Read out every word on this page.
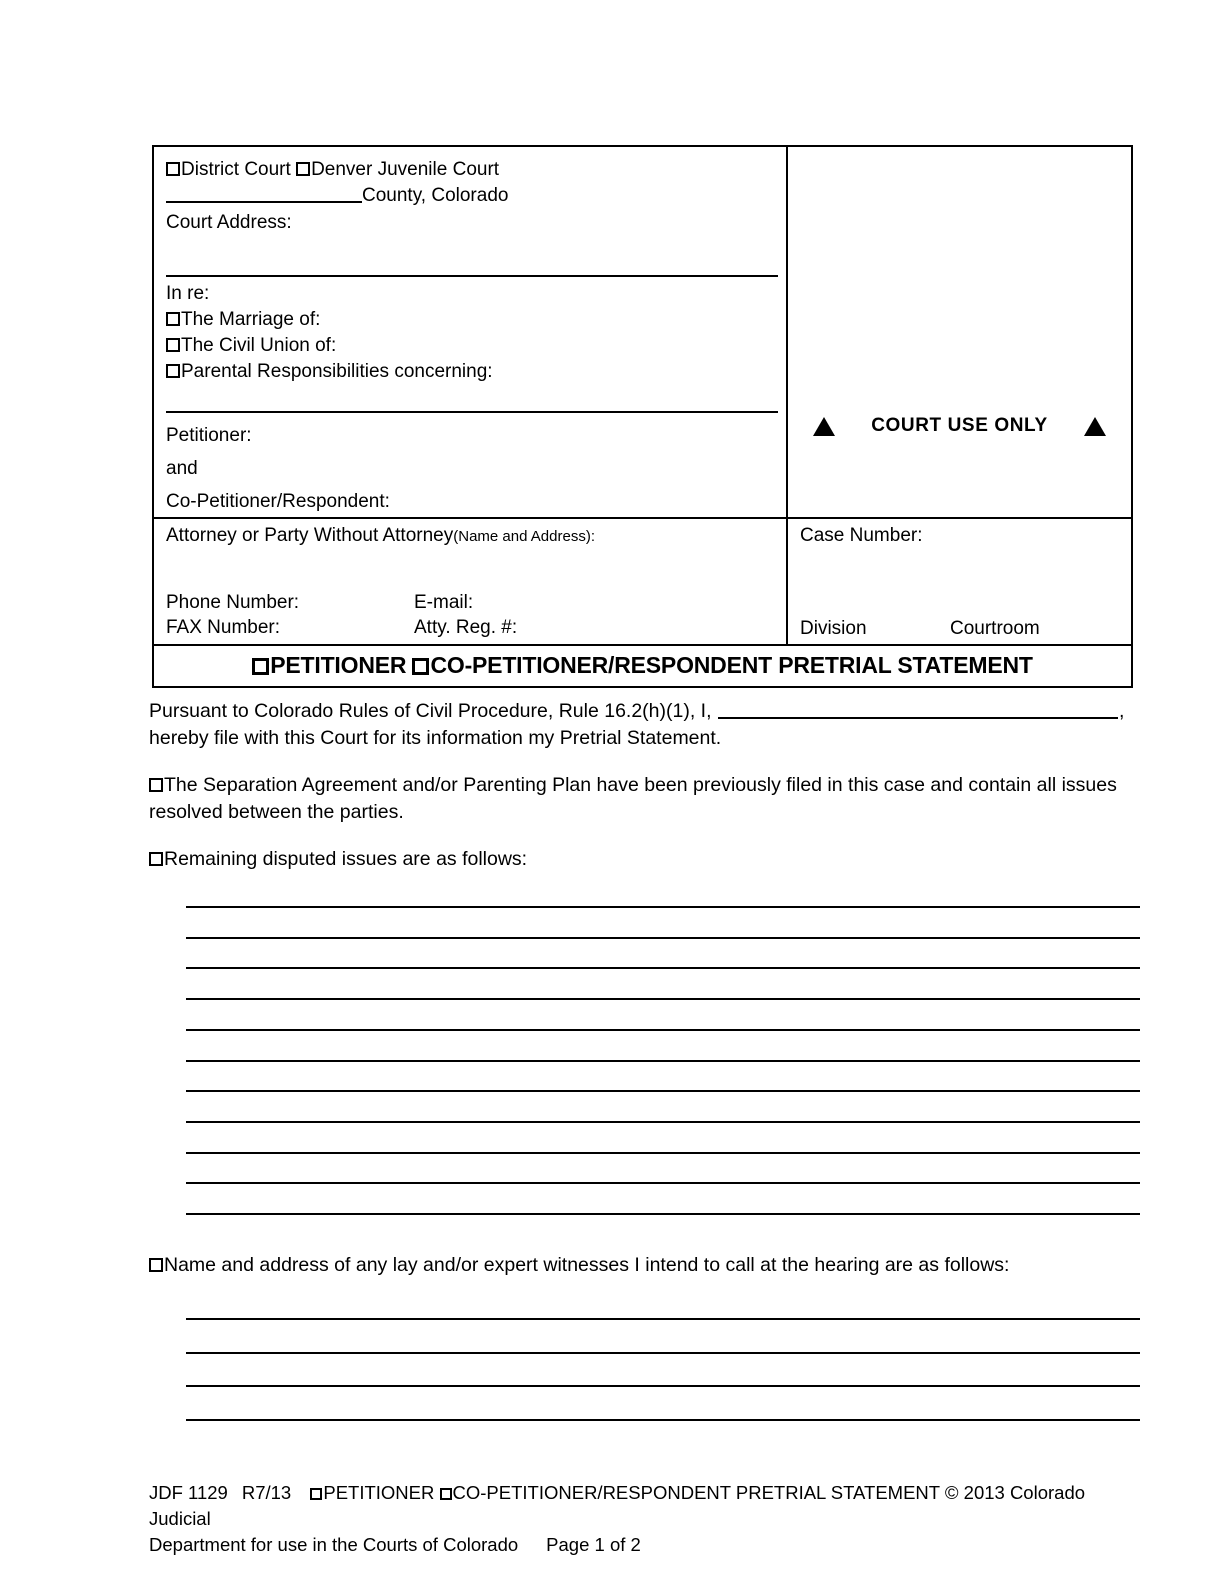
District Court Denver Juvenile Court
County, Colorado
Court Address:
In re:
The Marriage of:
The Civil Union of:
Parental Responsibilities concerning:
Petitioner:
and
Co-Petitioner/Respondent:
COURT USE ONLY
Attorney or Party Without Attorney(Name and Address):
Phone Number:	E-mail:
FAX Number:	Atty. Reg. #:
Case Number:
Division	Courtroom
PETITIONER CO-PETITIONER/RESPONDENT PRETRIAL STATEMENT
Pursuant to Colorado Rules of Civil Procedure, Rule 16.2(h)(1), I,	,
hereby file with this Court for its information my Pretrial Statement.
The Separation Agreement and/or Parenting Plan have been previously filed in this case and contain all issues resolved between the parties.
Remaining disputed issues are as follows:
Name and address of any lay and/or expert witnesses I intend to call at the hearing are as follows:
JDF 1129 R7/13 PETITIONER CO-PETITIONER/RESPONDENT PRETRIAL STATEMENT © 2013 Colorado Judicial
Department for use in the Courts of Colorado Page 1 of 2
